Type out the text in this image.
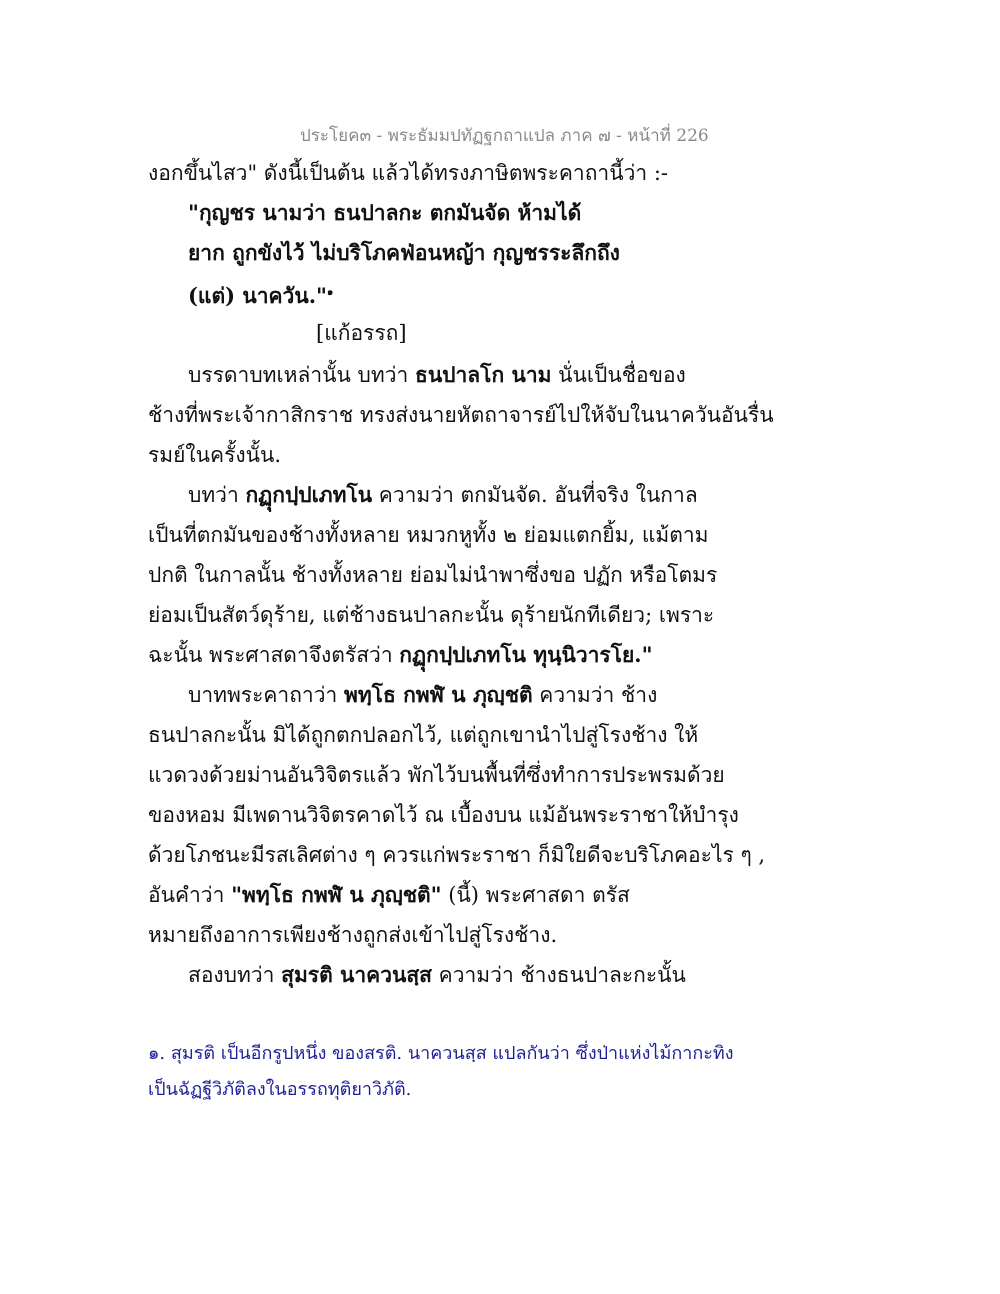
ประโยค๓ - พระธัมมปทัฏฐกถาแปล ภาค ๗ - หน้าที่ 226
งอกขึ้นไสว" ดังนี้เป็นต้น แล้วได้ทรงภาษิตพระคาถานี้ว่า :-
"กุญชร นามว่า ธนปาลกะ ตกมันจัด ห้ามได้
ยาก ถูกขังไว้ ไม่บริโภคฟ่อนหญ้า กุญชรระลึกถึง
(แต่) นาควัน."$^๑$
[แก้อรรถ]
บรรดาบทเหล่านั้น บทว่า ธนปาลโก นาม นั่นเป็นชื่อของ
ช้างที่พระเจ้ากาสิกราช ทรงส่งนายหัตถาจารย์ไปให้จับในนาควันอันรื่น
รมย์ในครั้งนั้น.
บทว่า กฏุกปฺปเภทโน ความว่า ตกมันจัด. อันที่จริง ในกาล
เป็นที่ตกมันของช้างทั้งหลาย หมวกหูทั้ง ๒ ย่อมแตกยิ้ม, แม้ตาม
ปกติ ในกาลนั้น ช้างทั้งหลาย ย่อมไม่นำพาซึ่งขอ ปฏัก หรือโตมร
ย่อมเป็นสัตว์ดุร้าย, แต่ช้างธนปาลกะนั้น ดุร้ายนักทีเดียว; เพราะ
ฉะนั้น พระศาสดาจึงตรัสว่า กฏุกปฺปเภทโน ทุนฺนิวารโย."
บาทพระคาถาว่า พทฺโธ กพฬํ น ภุญฺชติ ความว่า ช้าง
ธนปาลกะนั้น มิได้ถูกตกปลอกไว้, แต่ถูกเขานำไปสู่โรงช้าง ให้
แวดวงด้วยม่านอันวิจิตรแล้ว พักไว้บนพื้นที่ซึ่งทำการประพรมด้วย
ของหอม มีเพดานวิจิตรคาดไว้ ณ เบื้องบน แม้อันพระราชาให้บำรุง
ด้วยโภชนะมีรสเลิศต่าง ๆ ควรแก่พระราชา ก็มิใยดีจะบริโภคอะไร ๆ ,
อันคำว่า "พทฺโธ กพฬํ น ภุญฺชติ" (นี้) พระศาสดา ตรัส
หมายถึงอาการเพียงช้างถูกส่งเข้าไปสู่โรงช้าง.
สองบทว่า สุมรติ นาควนสฺส ความว่า ช้างธนปาละกะนั้น
๑. สุมรติ เป็นอีกรูปหนึ่ง ของสรติ. นาควนสฺส แปลกันว่า ซึ่งป่าแห่งไม้กากะทิง
เป็นฉัฏฐีวิภัติลงในอรรถทุติยาวิภัติ.
